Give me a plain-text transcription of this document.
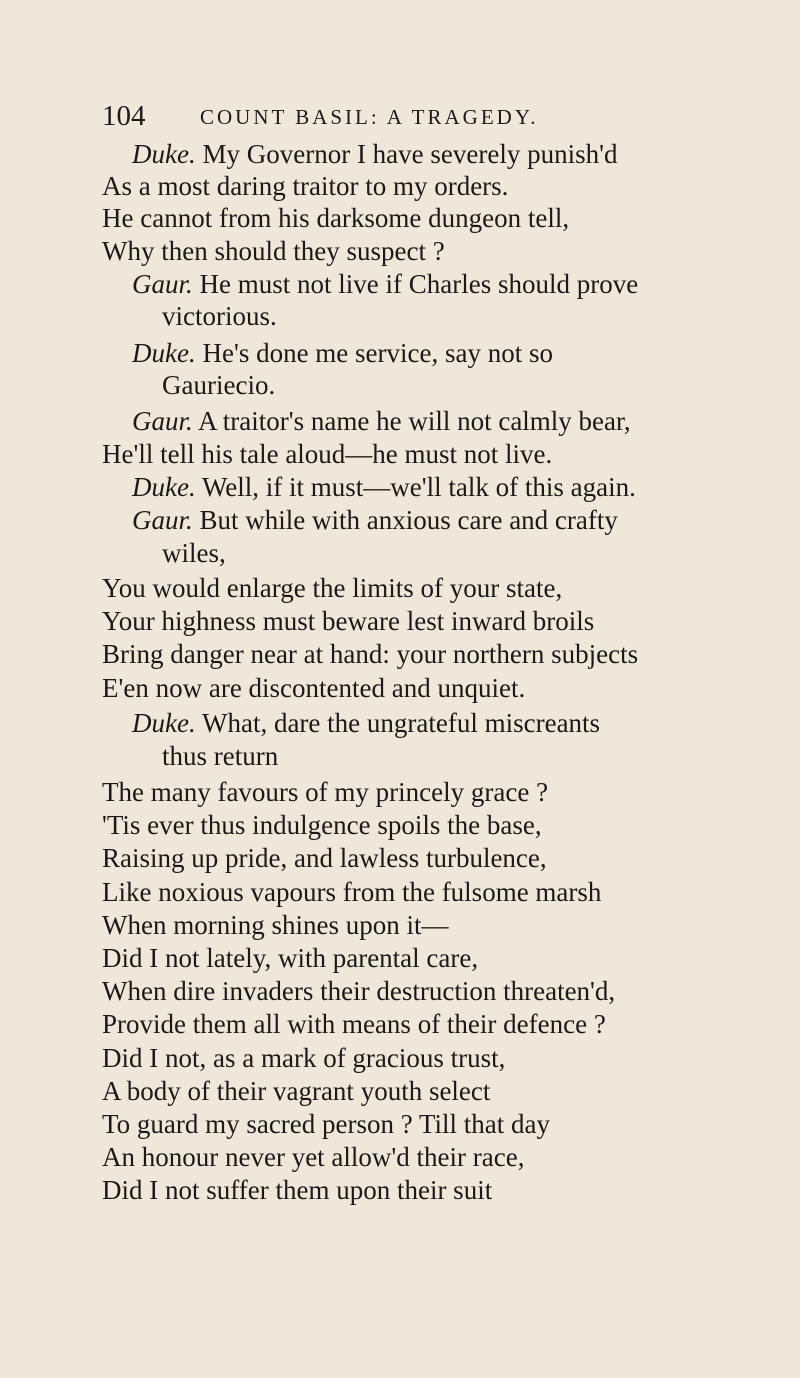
104	COUNT BASIL: A TRAGEDY.
Duke. My Governor I have severely punish'd
As a most daring traitor to my orders.
He cannot from his darksome dungeon tell,
Why then should they suspect ?
Gaur. He must not live if Charles should prove
victorious.
Duke. He's done me service, say not so
Gauriecio.
Gaur. A traitor's name he will not calmly bear,
He'll tell his tale aloud—he must not live.
Duke. Well, if it must—we'll talk of this again.
Gaur. But while with anxious care and crafty
wiles,
You would enlarge the limits of your state,
Your highness must beware lest inward broils
Bring danger near at hand: your northern subjects
E'en now are discontented and unquiet.
Duke. What, dare the ungrateful miscreants
thus return
The many favours of my princely grace ?
'Tis ever thus indulgence spoils the base,
Raising up pride, and lawless turbulence,
Like noxious vapours from the fulsome marsh
When morning shines upon it—
Did I not lately, with parental care,
When dire invaders their destruction threaten'd,
Provide them all with means of their defence ?
Did I not, as a mark of gracious trust,
A body of their vagrant youth select
To guard my sacred person ? Till that day
An honour never yet allow'd their race,
Did I not suffer them upon their suit
